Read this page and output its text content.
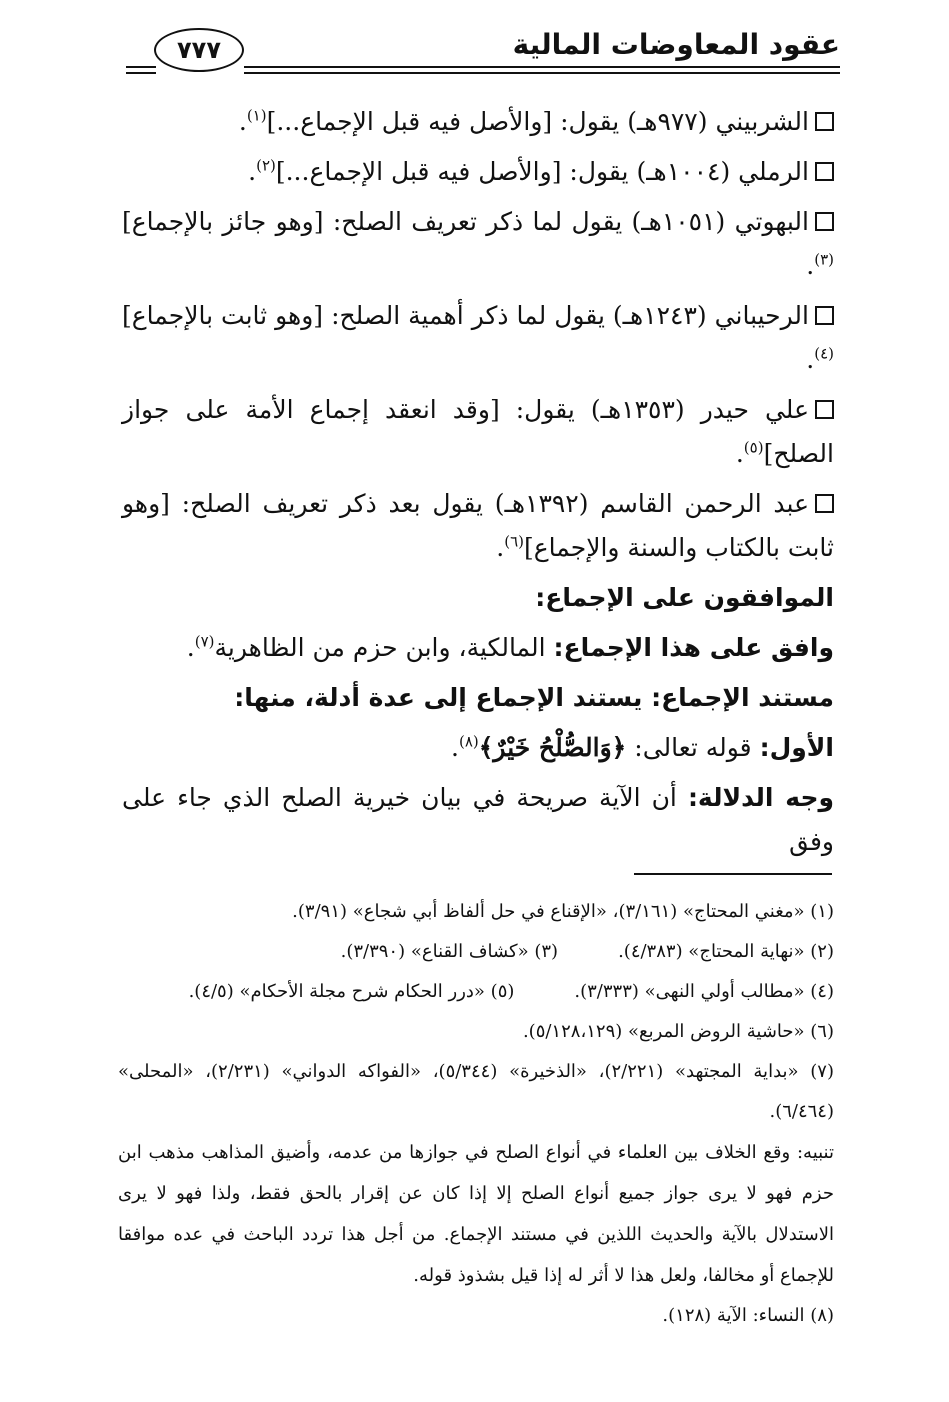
عقود المعاوضات المالية
٧٧٧
الشربيني (٩٧٧هـ) يقول: [والأصل فيه قبل الإجماع...]$^{(١)}$.
الرملي (١٠٠٤هـ) يقول: [والأصل فيه قبل الإجماع...]$^{(٢)}$.
البهوتي (١٠٥١هـ) يقول لما ذكر تعريف الصلح: [وهو جائز بالإجماع]$^{(٣)}$.
الرحيباني (١٢٤٣هـ) يقول لما ذكر أهمية الصلح: [وهو ثابت بالإجماع]$^{(٤)}$.
علي حيدر (١٣٥٣هـ) يقول: [وقد انعقد إجماع الأمة على جواز الصلح]$^{(٥)}$.
عبد الرحمن القاسم (١٣٩٢هـ) يقول بعد ذكر تعريف الصلح: [وهو ثابت بالكتاب والسنة والإجماع]$^{(٦)}$.
الموافقون على الإجماع:
وافق على هذا الإجماع: المالكية، وابن حزم من الظاهرية$^{(٧)}$.
مستند الإجماع: يستند الإجماع إلى عدة أدلة، منها:
الأول: قوله تعالى: ﴿وَالصُّلْحُ خَيْرٌ﴾$^{(٨)}$.
وجه الدلالة: أن الآية صريحة في بيان خيرية الصلح الذي جاء على وفق
(١) «مغني المحتاج» (٣/١٦١)، «الإقناع في حل ألفاظ أبي شجاع» (٣/٩١).
(٢) «نهاية المحتاج» (٤/٣٨٣).
(٣) «كشاف القناع» (٣/٣٩٠).
(٤) «مطالب أولي النهى» (٣/٣٣٣).
(٥) «درر الحكام شرح مجلة الأحكام» (٤/٥).
(٦) «حاشية الروض المربع» (٥/١٢٨،١٢٩).
(٧) «بداية المجتهد» (٢/٢٢١)، «الذخيرة» (٥/٣٤٤)، «الفواكه الدواني» (٢/٢٣١)، «المحلى» (٦/٤٦٤).
تنبيه: وقع الخلاف بين العلماء في أنواع الصلح في جوازها من عدمه، وأضيق المذاهب مذهب ابن حزم فهو لا يرى جواز جميع أنواع الصلح إلا إذا كان عن إقرار بالحق فقط، ولذا فهو لا يرى الاستدلال بالآية والحديث اللذين في مستند الإجماع. من أجل هذا تردد الباحث في عده موافقا للإجماع أو مخالفا، ولعل هذا لا أثر له إذا قيل بشذوذ قوله.
(٨) النساء: الآية (١٢٨).
